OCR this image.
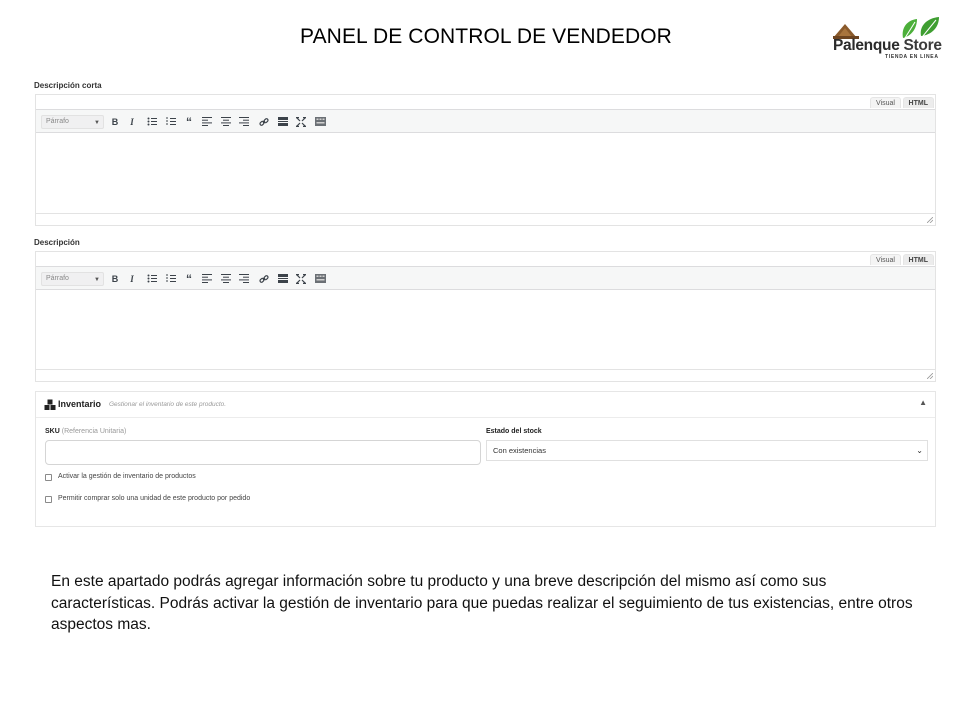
PANEL DE CONTROL DE VENDEDOR	Palenque Store
TIENDA EN LINEA
Descripción corta
Visual	HTML
Párrafo	▼	B	I	“
Descripción
Visual	HTML
Párrafo	▼	B	I	“
Inventario Gestionar el inventario de este producto.	▲
SKU (Referencia Unitaria)	Estado del stock
Con existencias	⌄
Activar la gestión de inventario de productos
Permitir comprar solo una unidad de este producto por pedido
En este apartado podrás agregar información sobre tu producto y una breve descripción del mismo así como sus características. Podrás activar la gestión de inventario para que puedas realizar el seguimiento de tus existencias, entre otros aspectos mas.
